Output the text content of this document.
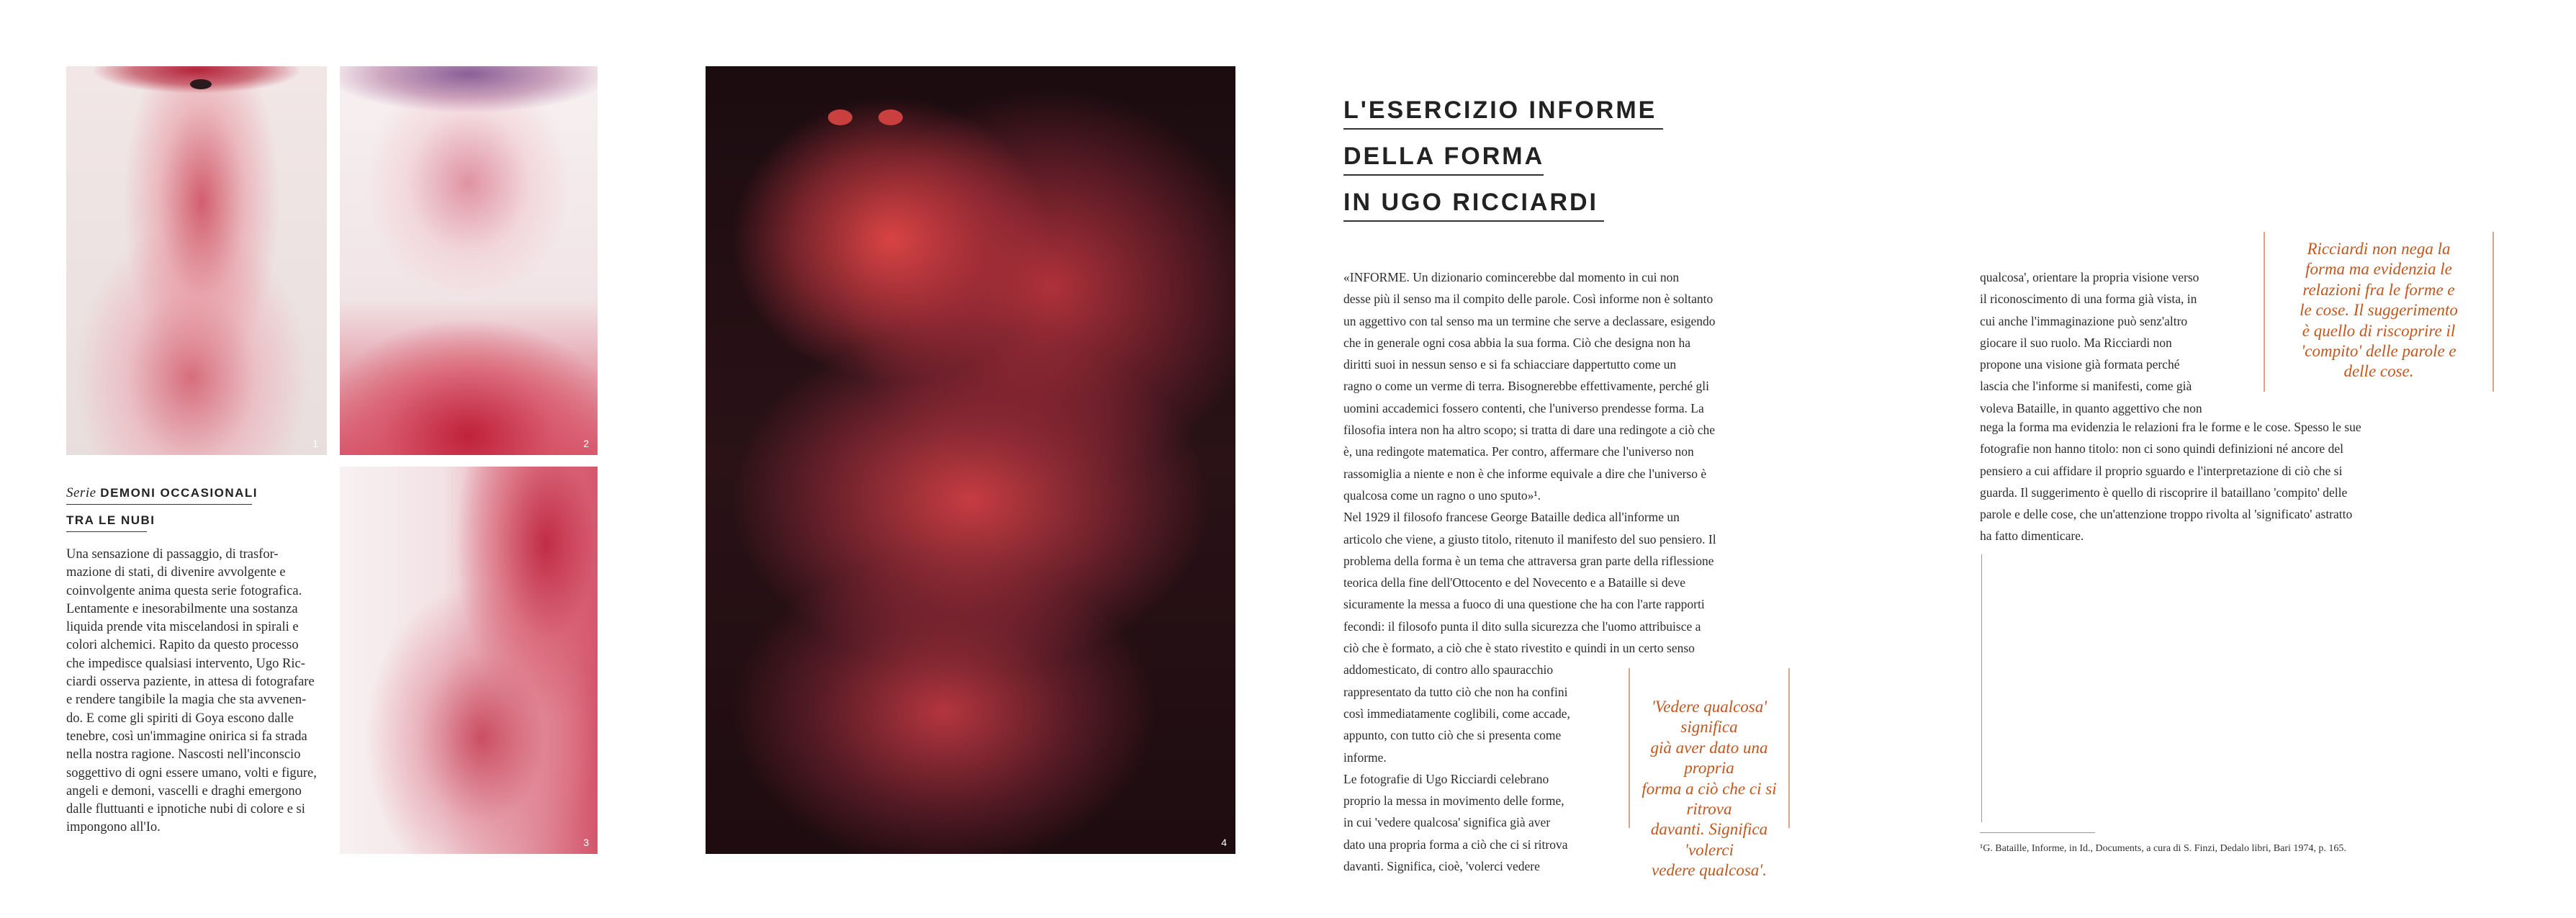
1	2
3	4
Serie DEMONI OCCASIONALI
TRA LE NUBI

Una sensazione di passaggio, di trasfor-

mazione di stati, di divenire avvolgente e

coinvolgente anima questa serie fotografica.

Lentamente e inesorabilmente una sostanza

liquida prende vita miscelandosi in spirali e

colori alchemici. Rapito da questo processo

che impedisce qualsiasi intervento, Ugo Ric-

ciardi osserva paziente, in attesa di fotografare

e rendere tangibile la magia che sta avvenen-

do. E come gli spiriti di Goya escono dalle

tenebre, così un'immagine onirica si fa strada

nella nostra ragione. Nascosti nell'inconscio

soggettivo di ogni essere umano, volti e figure,

angeli e demoni, vascelli e draghi emergono

dalle fluttuanti e ipnotiche nubi di colore e si

impongono all'Io.

L'ESERCIZIO INFORME
DELLA FORMA
IN UGO RICCIARDI

«INFORME. Un dizionario comincerebbe dal momento in cui non

desse più il senso ma il compito delle parole. Così informe non è soltanto

un aggettivo con tal senso ma un termine che serve a declassare, esigendo

che in generale ogni cosa abbia la sua forma. Ciò che designa non ha

diritti suoi in nessun senso e si fa schiacciare dappertutto come un

ragno o come un verme di terra. Bisognerebbe effettivamente, perché gli

uomini accademici fossero contenti, che l'universo prendesse forma. La

filosofia intera non ha altro scopo; si tratta di dare una redingote a ciò che

è, una redingote matematica. Per contro, affermare che l'universo non

rassomiglia a niente e non è che informe equivale a dire che l'universo è

qualcosa come un ragno o uno sputo»¹.

Nel 1929 il filosofo francese George Bataille dedica all'informe un

articolo che viene, a giusto titolo, ritenuto il manifesto del suo pensiero. Il

problema della forma è un tema che attraversa gran parte della riflessione

teorica della fine dell'Ottocento e del Novecento e a Bataille si deve

sicuramente la messa a fuoco di una questione che ha con l'arte rapporti

fecondi: il filosofo punta il dito sulla sicurezza che l'uomo attribuisce a

ciò che è formato, a ciò che è stato rivestito e quindi in un certo senso

addomesticato, di contro allo spauracchio

rappresentato da tutto ciò che non ha confini

così immediatamente coglibili, come accade,

appunto, con tutto ciò che si presenta come

informe.

Le fotografie di Ugo Ricciardi celebrano

proprio la messa in movimento delle forme,

in cui 'vedere qualcosa' significa già aver

dato una propria forma a ciò che ci si ritrova

davanti. Significa, cioè, 'volerci vedere

'Vedere qualcosa' significa
già aver dato una propria
forma a ciò che ci si ritrova
davanti. Significa 'volerci
vedere qualcosa'.

qualcosa', orientare la propria visione verso

il riconoscimento di una forma già vista, in

cui anche l'immaginazione può senz'altro

giocare il suo ruolo. Ma Ricciardi non

propone una visione già formata perché

lascia che l'informe si manifesti, come già

voleva Bataille, in quanto aggettivo che non

nega la forma ma evidenzia le relazioni fra le forme e le cose. Spesso le sue

fotografie non hanno titolo: non ci sono quindi definizioni né ancore del

pensiero a cui affidare il proprio sguardo e l'interpretazione di ciò che si

guarda. Il suggerimento è quello di riscoprire il bataillano 'compito' delle

parole e delle cose, che un'attenzione troppo rivolta al 'significato' astratto

ha fatto dimenticare.

Ricciardi non nega la
forma ma evidenzia le
relazioni fra le forme e
le cose. Il suggerimento
è quello di riscoprire il
'compito' delle parole e
delle cose.
¹G. Bataille, Informe, in Id., Documents, a cura di S. Finzi, Dedalo libri, Bari 1974, p. 165.
